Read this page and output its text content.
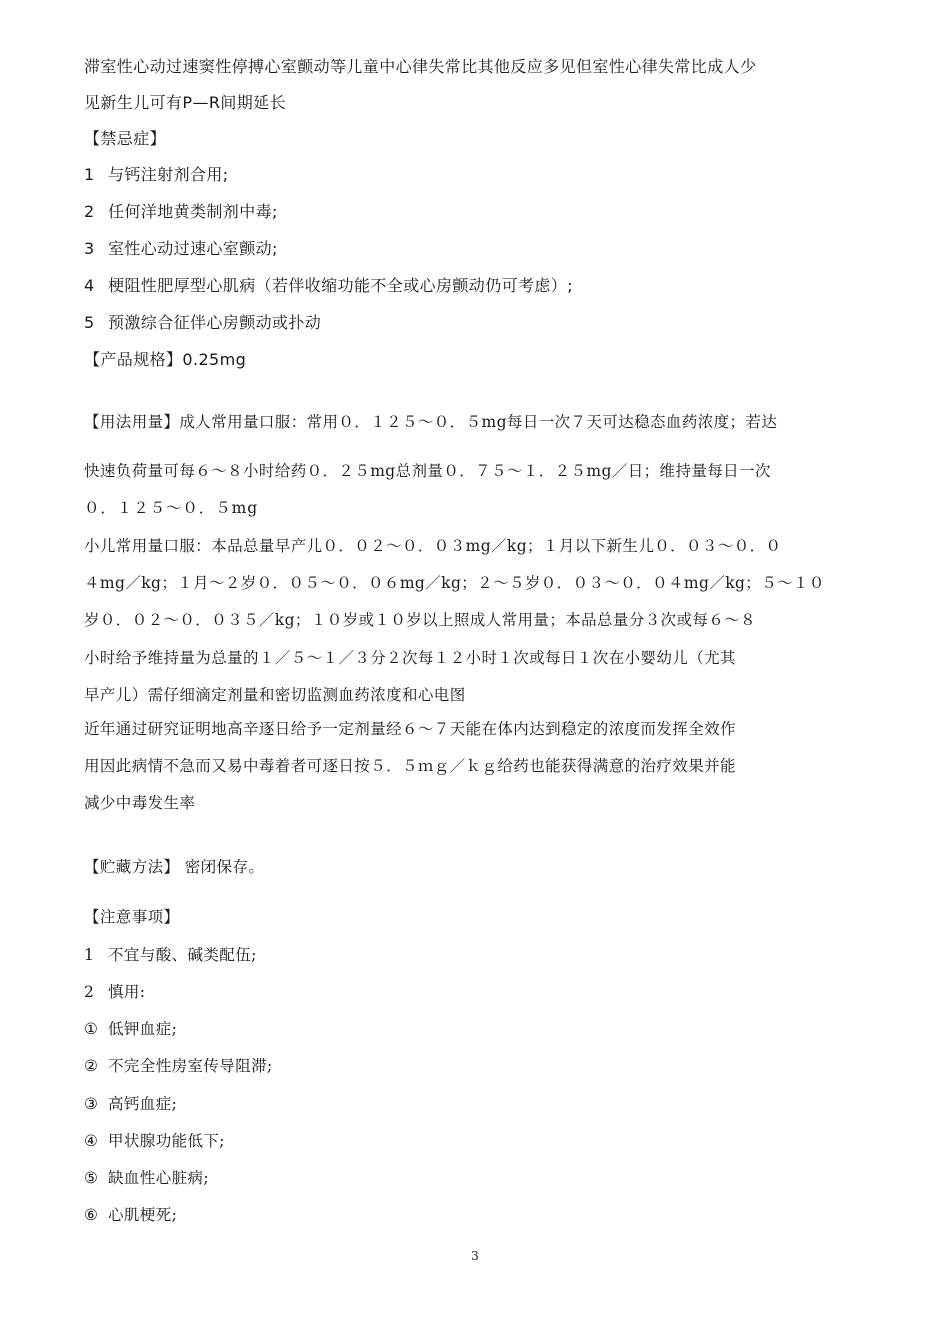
滞室性心动过速窦性停搏心室颤动等儿童中心律失常比其他反应多见但室性心律失常比成人少
见新生儿可有P—R间期延长
【禁忌症】
1 与钙注射剂合用;
2 任何洋地黄类制剂中毒;
3 室性心动过速心室颤动;
4 梗阻性肥厚型心肌病（若伴收缩功能不全或心房颤动仍可考虑）;
5 预激综合征伴心房颤动或扑动
【产品规格】0.25mg
【用法用量】成人常用量口服：常用０．１２５～０．５mg每日一次７天可达稳态血药浓度；若达
快速负荷量可每６～８小时给药０．２５mg总剂量０．７５～１．２５mg／日；维持量每日一次
０．１２５～０．５mg
小儿常用量口服：本品总量早产儿０．０２～０．０３mg／kg；１月以下新生儿０．０３～０．０
４mg／kg；１月～２岁０．０５～０．０６mg／kg；２～５岁０．０３～０．０４mg／kg；５～１０
岁０．０２～０．０３５／kg；１０岁或１０岁以上照成人常用量；本品总量分３次或每６～８
小时给予维持量为总量的１／５～１／３分２次每１２小时１次或每日１次在小婴幼儿（尤其
早产儿）需仔细滴定剂量和密切监测血药浓度和心电图
近年通过研究证明地高辛逐日给予一定剂量经６～７天能在体内达到稳定的浓度而发挥全效作
用因此病情不急而又易中毒着者可逐日按５．５ｍｇ／ｋｇ给药也能获得满意的治疗效果并能
减少中毒发生率
【贮藏方法】 密闭保存。
【注意事项】
1 不宜与酸、碱类配伍;
2 慎用:
① 低钾血症;
② 不完全性房室传导阻滞;
③ 高钙血症;
④ 甲状腺功能低下;
⑤ 缺血性心脏病;
⑥ 心肌梗死;
3
